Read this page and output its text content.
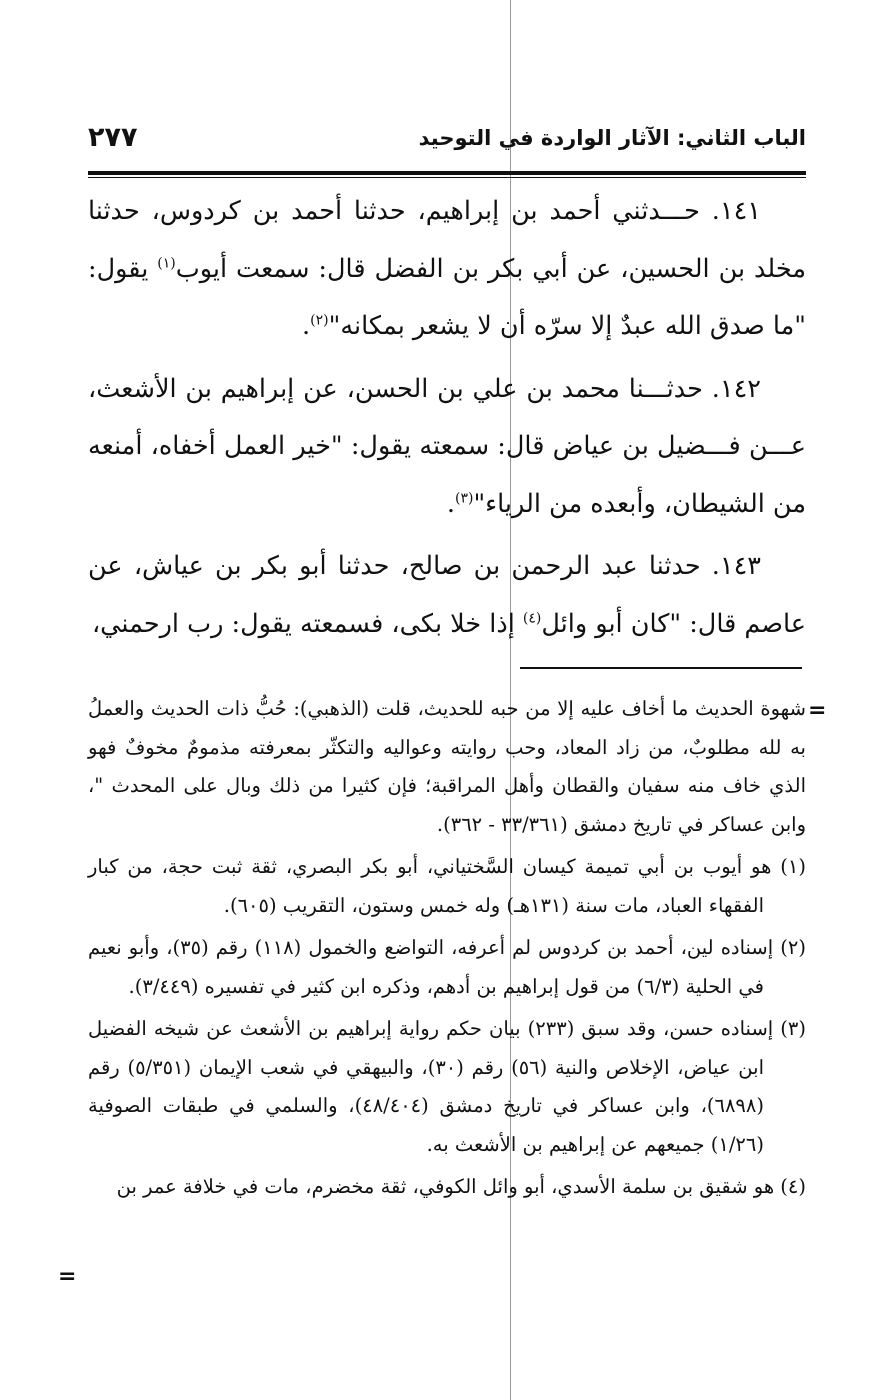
الباب الثاني: الآثار الواردة في التوحيد
٢٧٧

١٤١. حـــدثني أحمد بن إبراهيم، حدثنا أحمد بن كردوس، حدثنا مخلد بن الحسين، عن أبي بكر بن الفضل قال: سمعت أيوب$^{(١)}$ يقول: "ما صدق الله عبدٌ إلا سرّه أن لا يشعر بمكانه"$^{(٢)}$.

١٤٢. حدثـــنا محمد بن علي بن الحسن، عن إبراهيم بن الأشعث، عـــن فـــضيل بن عياض قال: سمعته يقول: "خير العمل أخفاه، أمنعه من الشيطان، وأبعده من الرياء"$^{(٣)}$.

١٤٣. حدثنا عبد الرحمن بن صالح، حدثنا أبو بكر بن عياش، عن عاصم قال: "كان أبو وائل$^{(٤)}$ إذا خلا بكى، فسمعته يقول: رب ارحمني،

=

شهوة الحديث ما أخاف عليه إلا من حبه للحديث، قلت (الذهبي): حُبُّ ذات الحديث والعملُ به لله مطلوبٌ، من زاد المعاد، وحب روايته وعواليه والتكثّر بمعرفته مذمومٌ مخوفٌ فهو الذي خاف منه سفيان والقطان وأهل المراقبة؛ فإن كثيرا من ذلك وبال على المحدث "، وابن عساكر في تاريخ دمشق (٣٣/٣٦١ - ٣٦٢).

(١) هو أيوب بن أبي تميمة كيسان السَّختياني، أبو بكر البصري، ثقة ثبت حجة، من كبار الفقهاء العباد، مات سنة (١٣١هـ) وله خمس وستون، التقريب (٦٠٥).

(٢) إسناده لين، أحمد بن كردوس لم أعرفه، التواضع والخمول (١١٨) رقم (٣٥)، وأبو نعيم في الحلية (٦/٣) من قول إبراهيم بن أدهم، وذكره ابن كثير في تفسيره (٣/٤٤٩).

(٣) إسناده حسن، وقد سبق (٢٣٣) بيان حكم رواية إبراهيم بن الأشعث عن شيخه الفضيل ابن عياض، الإخلاص والنية (٥٦) رقم (٣٠)، والبيهقي في شعب الإيمان (٥/٣٥١) رقم (٦٨٩٨)، وابن عساكر في تاريخ دمشق (٤٨/٤٠٤)، والسلمي في طبقات الصوفية (١/٢٦) جميعهم عن إبراهيم بن الأشعث به.

(٤) هو شقيق بن سلمة الأسدي، أبو وائل الكوفي، ثقة مخضرم، مات في خلافة عمر بن

=
